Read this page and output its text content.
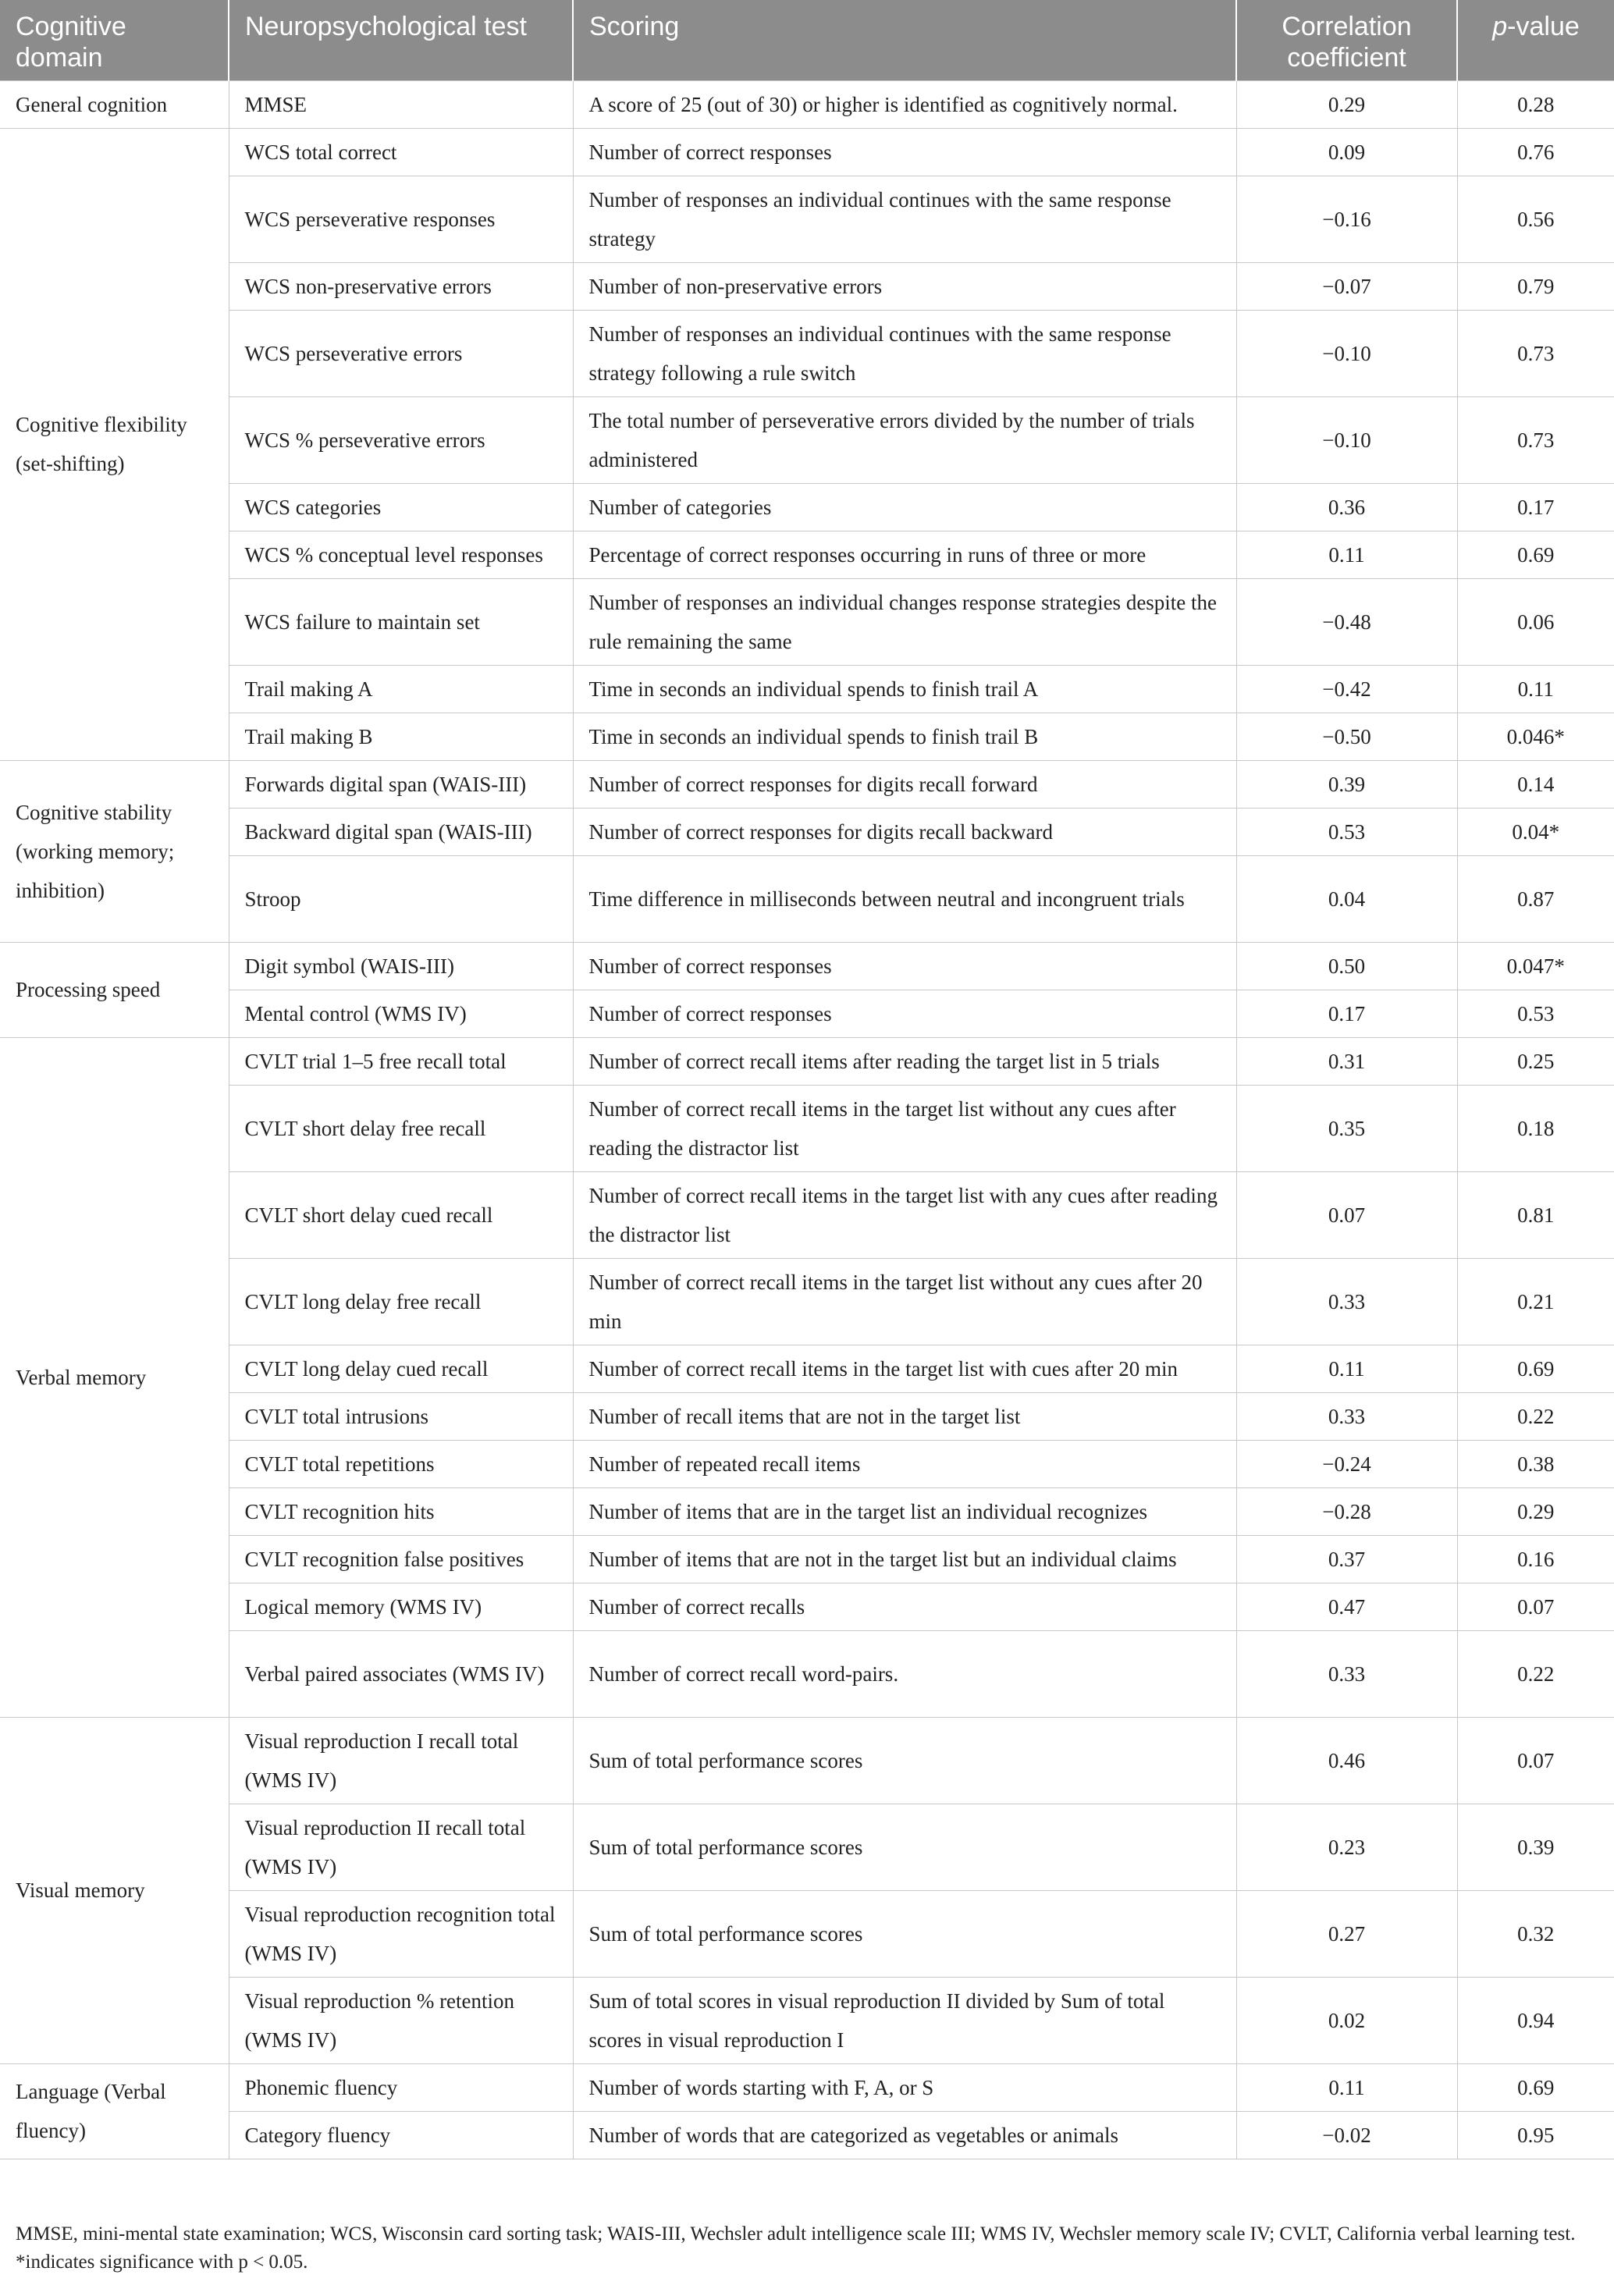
Cognitive domain	Neuropsychological test	Scoring	Correlation coefficient	p-value
General cognition	MMSE	A score of 25 (out of 30) or higher is identified as cognitively normal.	0.29	0.28
Cognitive flexibility (set-shifting)	WCS total correct	Number of correct responses	0.09	0.76
	WCS perseverative responses	Number of responses an individual continues with the same response strategy	−0.16	0.56
	WCS non-preservative errors	Number of non-preservative errors	−0.07	0.79
	WCS perseverative errors	Number of responses an individual continues with the same response strategy following a rule switch	−0.10	0.73
	WCS % perseverative errors	The total number of perseverative errors divided by the number of trials administered	−0.10	0.73
	WCS categories	Number of categories	0.36	0.17
	WCS % conceptual level responses	Percentage of correct responses occurring in runs of three or more	0.11	0.69
	WCS failure to maintain set	Number of responses an individual changes response strategies despite the rule remaining the same	−0.48	0.06
	Trail making A	Time in seconds an individual spends to finish trail A	−0.42	0.11
	Trail making B	Time in seconds an individual spends to finish trail B	−0.50	0.046*
Cognitive stability (working memory; inhibition)	Forwards digital span (WAIS-III)	Number of correct responses for digits recall forward	0.39	0.14
	Backward digital span (WAIS-III)	Number of correct responses for digits recall backward	0.53	0.04*
	Stroop	Time difference in milliseconds between neutral and incongruent trials	0.04	0.87
Processing speed	Digit symbol (WAIS-III)	Number of correct responses	0.50	0.047*
	Mental control (WMS IV)	Number of correct responses	0.17	0.53
Verbal memory	CVLT trial 1–5 free recall total	Number of correct recall items after reading the target list in 5 trials	0.31	0.25
	CVLT short delay free recall	Number of correct recall items in the target list without any cues after reading the distractor list	0.35	0.18
	CVLT short delay cued recall	Number of correct recall items in the target list with any cues after reading the distractor list	0.07	0.81
	CVLT long delay free recall	Number of correct recall items in the target list without any cues after 20 min	0.33	0.21
	CVLT long delay cued recall	Number of correct recall items in the target list with cues after 20 min	0.11	0.69
	CVLT total intrusions	Number of recall items that are not in the target list	0.33	0.22
	CVLT total repetitions	Number of repeated recall items	−0.24	0.38
	CVLT recognition hits	Number of items that are in the target list an individual recognizes	−0.28	0.29
	CVLT recognition false positives	Number of items that are not in the target list but an individual claims	0.37	0.16
	Logical memory (WMS IV)	Number of correct recalls	0.47	0.07
	Verbal paired associates (WMS IV)	Number of correct recall word-pairs.	0.33	0.22
Visual memory	Visual reproduction I recall total (WMS IV)	Sum of total performance scores	0.46	0.07
	Visual reproduction II recall total (WMS IV)	Sum of total performance scores	0.23	0.39
	Visual reproduction recognition total (WMS IV)	Sum of total performance scores	0.27	0.32
	Visual reproduction % retention (WMS IV)	Sum of total scores in visual reproduction II divided by Sum of total scores in visual reproduction I	0.02	0.94
Language (Verbal fluency)	Phonemic fluency	Number of words starting with F, A, or S	0.11	0.69
	Category fluency	Number of words that are categorized as vegetables or animals	−0.02	0.95

MMSE, mini-mental state examination; WCS, Wisconsin card sorting task; WAIS-III, Wechsler adult intelligence scale III; WMS IV, Wechsler memory scale IV; CVLT, California verbal learning test. *indicates significance with p < 0.05.
